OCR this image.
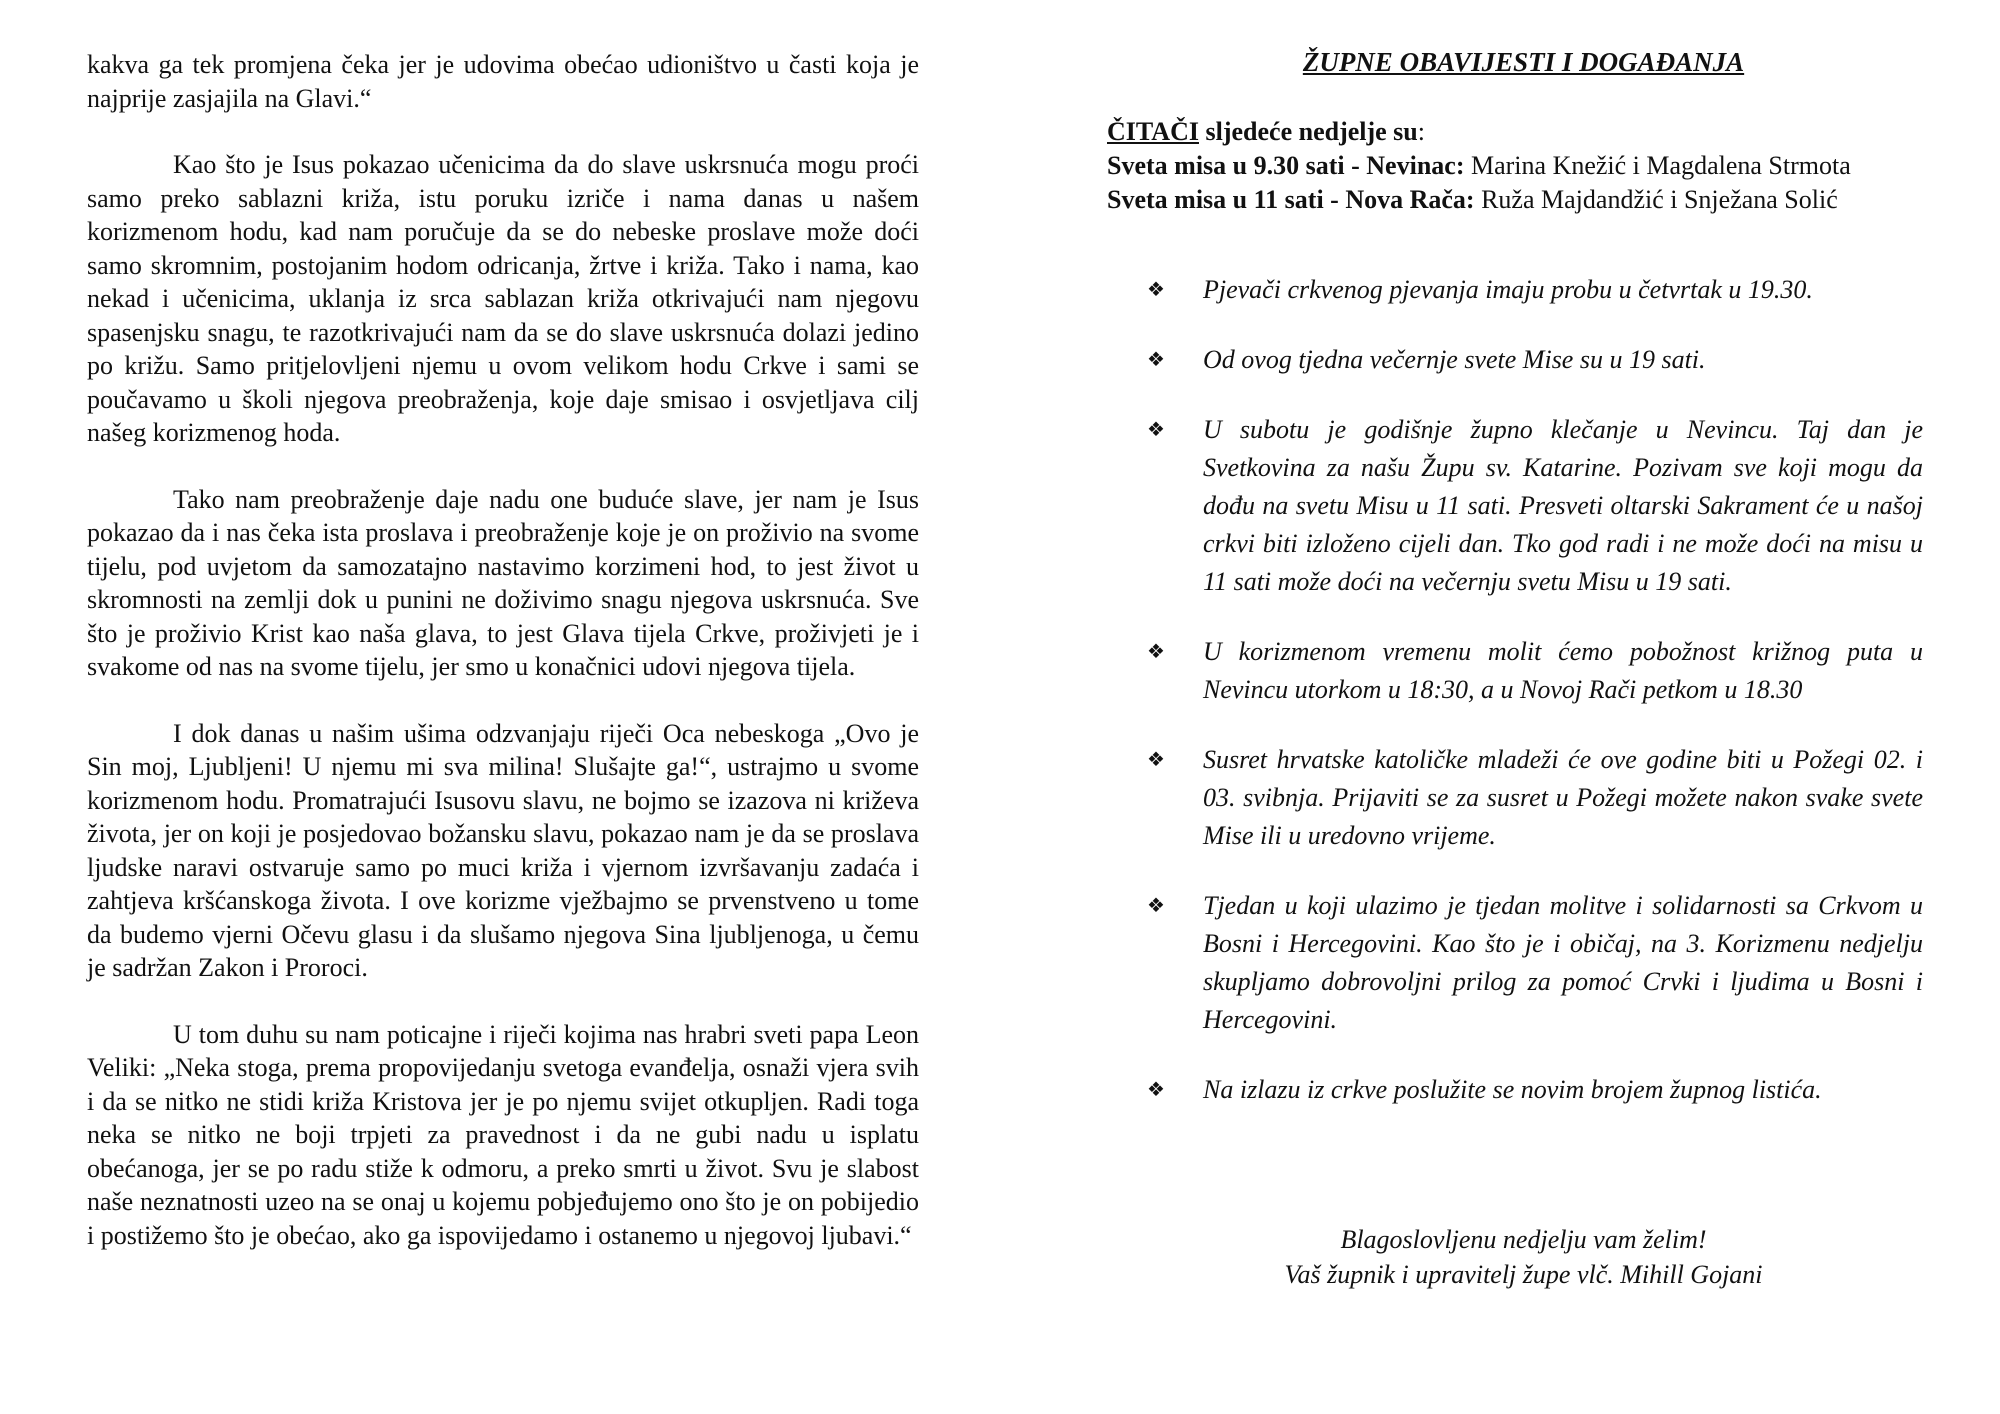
kakva ga tek promjena čeka jer je udovima obećao udioništvo u časti koja je najprije zasjajila na Glavi.“

Kao što je Isus pokazao učenicima da do slave uskrsnuća mogu proći samo preko sablazni križa, istu poruku izriče i nama danas u našem korizmenom hodu, kad nam poručuje da se do nebeske proslave može doći samo skromnim, postojanim hodom odricanja, žrtve i križa. Tako i nama, kao nekad i učenicima, uklanja iz srca sablazan križa otkrivajući nam njegovu spasenjsku snagu, te razotkrivajući nam da se do slave uskrsnuća dolazi jedino po križu. Samo pritjelovljeni njemu u ovom velikom hodu Crkve i sami se poučavamo u školi njegova preobraženja, koje daje smisao i osvjetljava cilj našeg korizmenog hoda.

Tako nam preobraženje daje nadu one buduće slave, jer nam je Isus pokazao da i nas čeka ista proslava i preobraženje koje je on proživio na svome tijelu, pod uvjetom da samozatajno nastavimo korzimeni hod, to jest život u skromnosti na zemlji dok u punini ne doživimo snagu njegova uskrsnuća. Sve što je proživio Krist kao naša glava, to jest Glava tijela Crkve, proživjeti je i svakome od nas na svome tijelu, jer smo u konačnici udovi njegova tijela.

I dok danas u našim ušima odzvanjaju riječi Oca nebeskoga „Ovo je Sin moj, Ljubljeni! U njemu mi sva milina! Slušajte ga!“, ustrajmo u svome korizmenom hodu. Promatrajući Isusovu slavu, ne bojmo se izazova ni križeva života, jer on koji je posjedovao božansku slavu, pokazao nam je da se proslava ljudske naravi ostvaruje samo po muci križa i vjernom izvršavanju zadaća i zahtjeva kršćanskoga života. I ove korizme vježbajmo se prvenstveno u tome da budemo vjerni Očevu glasu i da slušamo njegova Sina ljubljenoga, u čemu je sadržan Zakon i Proroci.

U tom duhu su nam poticajne i riječi kojima nas hrabri sveti papa Leon Veliki: „Neka stoga, prema propovijedanju svetoga evanđelja, osnaži vjera svih i da se nitko ne stidi križa Kristova jer je po njemu svijet otkupljen. Radi toga neka se nitko ne boji trpjeti za pravednost i da ne gubi nadu u isplatu obećanoga, jer se po radu stiže k odmoru, a preko smrti u život. Svu je slabost naše neznatnosti uzeo na se onaj u kojemu pobjeđujemo ono što je on pobijedio i postižemo što je obećao, ako ga ispovijedamo i ostanemo u njegovoj ljubavi.“

ŽUPNE OBAVIJESTI I DOGAĐANJA

ČITAČI sljedeće nedjelje su:

Sveta misa u 9.30 sati - Nevinac: Marina Knežić i Magdalena Strmota

Sveta misa u 11 sati - Nova Rača: Ruža Majdandžić i Snježana Solić

❖ Pjevači crkvenog pjevanja imaju probu u četvrtak u 19.30.
❖ Od ovog tjedna večernje svete Mise su u 19 sati.
❖ U subotu je godišnje župno klečanje u Nevincu. Taj dan je Svetkovina za našu Župu sv. Katarine. Pozivam sve koji mogu da dođu na svetu Misu u 11 sati. Presveti oltarski Sakrament će u našoj crkvi biti izloženo cijeli dan. Tko god radi i ne može doći na misu u 11 sati može doći na večernju svetu Misu u 19 sati.
❖ U korizmenom vremenu molit ćemo pobožnost križnog puta u Nevincu utorkom u 18:30, a u Novoj Rači petkom u 18.30
❖ Susret hrvatske katoličke mladeži će ove godine biti u Požegi 02. i 03. svibnja. Prijaviti se za susret u Požegi možete nakon svake svete Mise ili u uredovno vrijeme.
❖ Tjedan u koji ulazimo je tjedan molitve i solidarnosti sa Crkvom u Bosni i Hercegovini. Kao što je i običaj, na 3. Korizmenu nedjelju skupljamo dobrovoljni prilog za pomoć Crvki i ljudima u Bosni i Hercegovini.
❖ Na izlazu iz crkve poslužite se novim brojem župnog listića.

Blagoslovljenu nedjelju vam želim!

Vaš župnik i upravitelj župe vlč. Mihill Gojani
